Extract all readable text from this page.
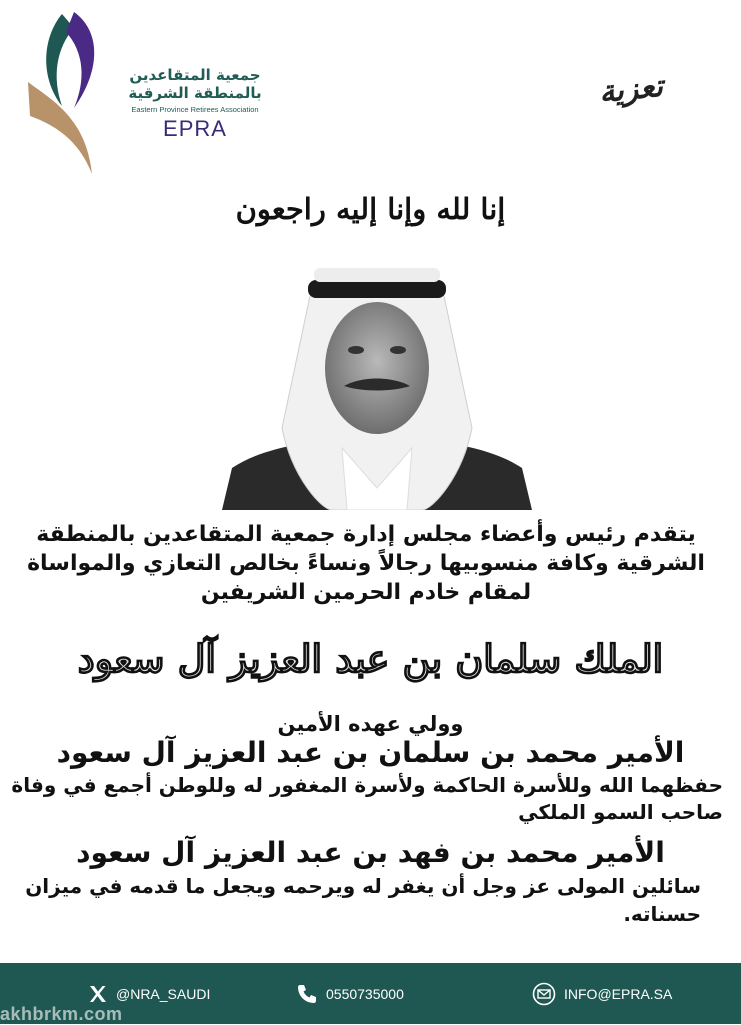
جمعية المتقاعدين
بالمنطقة الشرقية
Eastern Province Retirees Association
EPRA
تعزية
إنا لله وإنا إليه راجعون
يتقدم رئيس وأعضاء مجلس إدارة جمعية المتقاعدين بالمنطقة الشرقية وكافة منسوبيها رجالاً ونساءً بخالص التعازي والمواساة لمقام خادم الحرمين الشريفين
الملك سلمان بن عبد العزيز آل سعود
وولي عهده الأمين
الأمير محمد بن سلمان بن عبد العزيز آل سعود
حفظهما الله وللأسرة الحاكمة ولأسرة المغفور له وللوطن أجمع في وفاة صاحب السمو الملكي
الأمير محمد بن فهد بن عبد العزيز آل سعود
سائلين المولى عز وجل أن يغفر له ويرحمه ويجعل ما قدمه في ميزان حسناته.
@NRA_SAUDI	0550735000	INFO@EPRA.SA
akhbrkm.com
